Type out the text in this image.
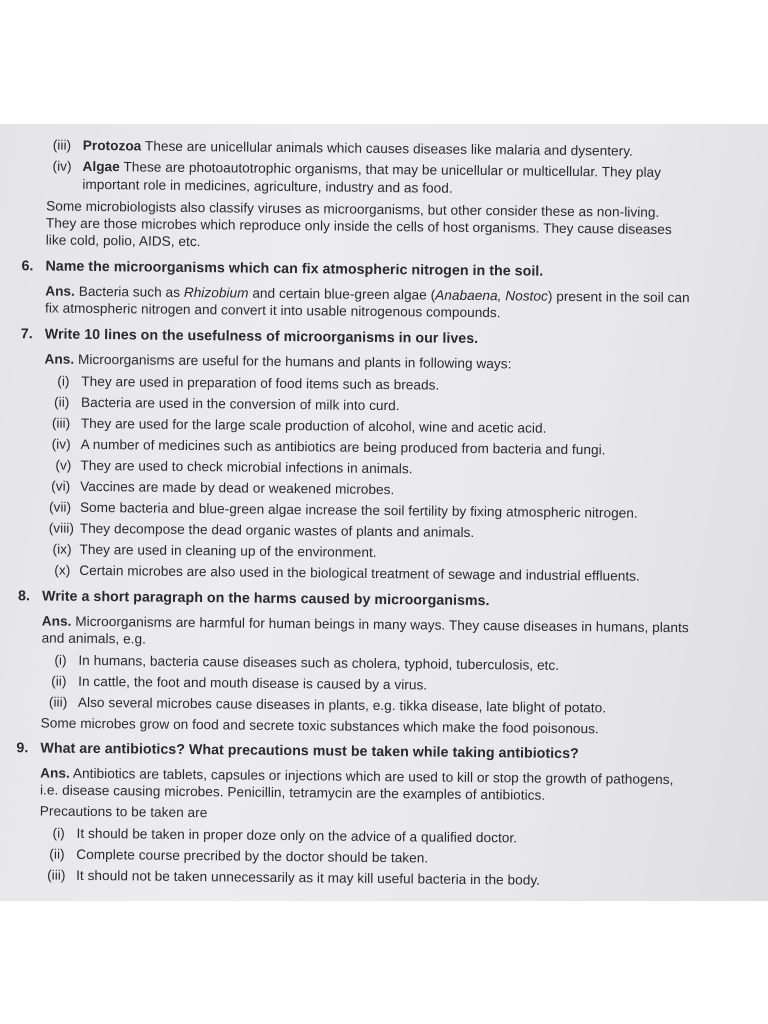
(iii) Protozoa These are unicellular animals which causes diseases like malaria and dysentery.
(iv) Algae These are photoautotrophic organisms, that may be unicellular or multicellular. They play
important role in medicines, agriculture, industry and as food.
Some microbiologists also classify viruses as microorganisms, but other consider these as non-living.
They are those microbes which reproduce only inside the cells of host organisms. They cause diseases
like cold, polio, AIDS, etc.
6. Name the microorganisms which can fix atmospheric nitrogen in the soil.
Ans. Bacteria such as Rhizobium and certain blue-green algae (Anabaena, Nostoc) present in the soil can
fix atmospheric nitrogen and convert it into usable nitrogenous compounds.
7. Write 10 lines on the usefulness of microorganisms in our lives.
Ans. Microorganisms are useful for the humans and plants in following ways:
(i) They are used in preparation of food items such as breads.
(ii) Bacteria are used in the conversion of milk into curd.
(iii) They are used for the large scale production of alcohol, wine and acetic acid.
(iv) A number of medicines such as antibiotics are being produced from bacteria and fungi.
(v) They are used to check microbial infections in animals.
(vi) Vaccines are made by dead or weakened microbes.
(vii) Some bacteria and blue-green algae increase the soil fertility by fixing atmospheric nitrogen.
(viii) They decompose the dead organic wastes of plants and animals.
(ix) They are used in cleaning up of the environment.
(x) Certain microbes are also used in the biological treatment of sewage and industrial effluents.
8. Write a short paragraph on the harms caused by microorganisms.
Ans. Microorganisms are harmful for human beings in many ways. They cause diseases in humans, plants
and animals, e.g.
(i) In humans, bacteria cause diseases such as cholera, typhoid, tuberculosis, etc.
(ii) In cattle, the foot and mouth disease is caused by a virus.
(iii) Also several microbes cause diseases in plants, e.g. tikka disease, late blight of potato.
Some microbes grow on food and secrete toxic substances which make the food poisonous.
9. What are antibiotics? What precautions must be taken while taking antibiotics?
Ans. Antibiotics are tablets, capsules or injections which are used to kill or stop the growth of pathogens,
i.e. disease causing microbes. Penicillin, tetramycin are the examples of antibiotics.
Precautions to be taken are
(i) It should be taken in proper doze only on the advice of a qualified doctor.
(ii) Complete course precribed by the doctor should be taken.
(iii) It should not be taken unnecessarily as it may kill useful bacteria in the body.
